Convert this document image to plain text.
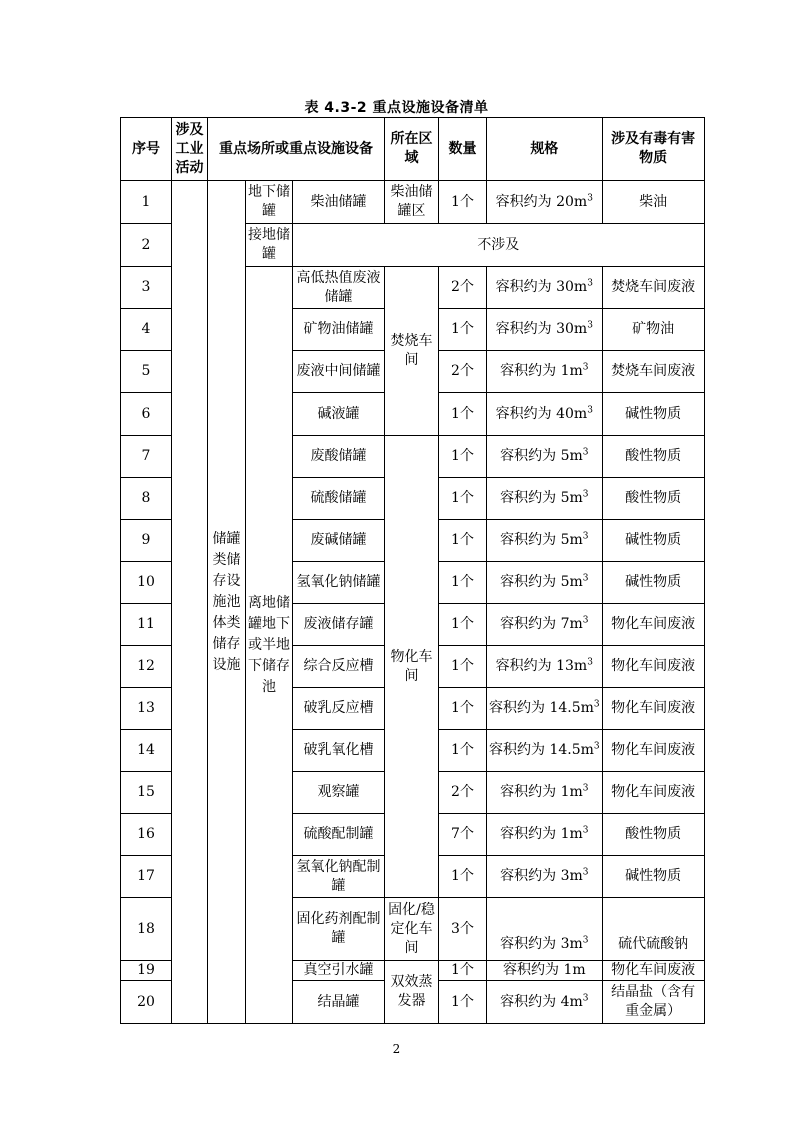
表 4.3-2 重点设施设备清单
序号	涉及工业活动	重点场所或重点设施设备			所在区域	数量	规格	涉及有毒有害物质
1		储罐类储存设施池体类储存设施	地下储罐	柴油储罐	柴油储罐区	1个	容积约为 $20m^3$	柴油
2			接地储罐	不涉及				
3			离地储罐地下或半地下储存池	高低热值废液储罐	焚烧车间	2个	容积约为 $30m^3$	焚烧车间废液
4				矿物油储罐		1个	容积约为 $30m^3$	矿物油
5				废液中间储罐		2个	容积约为 $1m^3$	焚烧车间废液
6				碱液罐		1个	容积约为 $40m^3$	碱性物质
7				废酸储罐	物化车间	1个	容积约为 $5m^3$	酸性物质
8				硫酸储罐		1个	容积约为 $5m^3$	酸性物质
9				废碱储罐		1个	容积约为 $5m^3$	碱性物质
10				氢氧化钠储罐		1个	容积约为 $5m^3$	碱性物质
11				废液储存罐		1个	容积约为 $7m^3$	物化车间废液
12				综合反应槽		1个	容积约为 $13m^3$	物化车间废液
13				破乳反应槽		1个	容积约为 $14.5m^3$	物化车间废液
14				破乳氧化槽		1个	容积约为 $14.5m^3$	物化车间废液
15				观察罐		2个	容积约为 $1m^3$	物化车间废液
16				硫酸配制罐		7个	容积约为 $1m^3$	酸性物质
17				氢氧化钠配制罐		1个	容积约为 $3m^3$	碱性物质
18				固化药剂配制罐	固化/稳定化车间	3个	容积约为 $3m^3$	硫代硫酸钠
19				真空引水罐	双效蒸发器	1个	容积约为 1m	物化车间废液
20				结晶罐		1个	容积约为 $4m^3$	结晶盐（含有重金属）
2
